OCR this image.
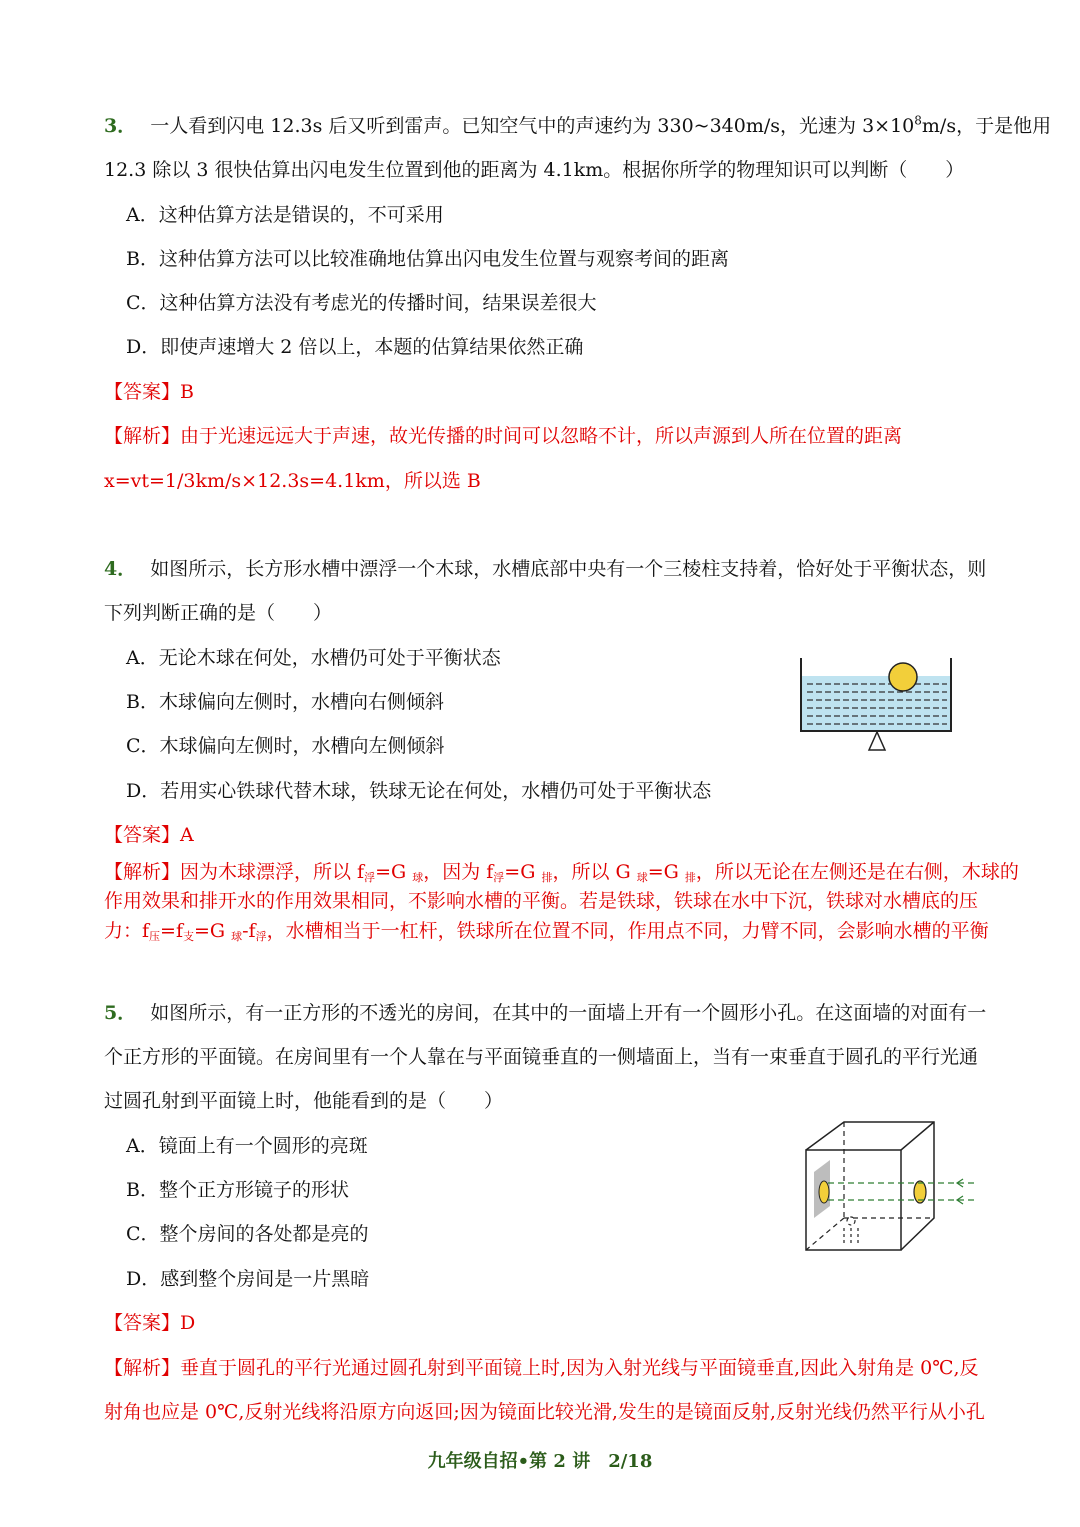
3． 一人看到闪电 12.3s 后又听到雷声。已知空气中的声速约为 330~340m/s，光速为 $3\times 10^8m/s$，于是他用
12.3 除以 3 很快估算出闪电发生位置到他的距离为 4.1km。根据你所学的物理知识可以判断（　　）
A．这种估算方法是错误的，不可采用
B．这种估算方法可以比较准确地估算出闪电发生位置与观察考间的距离
C．这种估算方法没有考虑光的传播时间，结果误差很大
D．即使声速增大 2 倍以上，本题的估算结果依然正确
【答案】B
【解析】由于光速远远大于声速，故光传播的时间可以忽略不计，所以声源到人所在位置的距离
x=vt=1/3km/s×12.3s=4.1km，所以选 B
4． 如图所示，长方形水槽中漂浮一个木球，水槽底部中央有一个三棱柱支持着，恰好处于平衡状态，则
下列判断正确的是（　　）
A．无论木球在何处，水槽仍可处于平衡状态
B．木球偏向左侧时，水槽向右侧倾斜
C．木球偏向左侧时，水槽向左侧倾斜
D．若用实心铁球代替木球，铁球无论在何处，水槽仍可处于平衡状态
【答案】A
【解析】因为木球漂浮，所以 $f_浮=G$ $_球$，因为 $f_浮=G$ $_排$，所以 G $_球$=G $_排$，所以无论在左侧还是在右侧，木球的
作用效果和排开水的作用效果相同，不影响水槽的平衡。若是铁球，铁球在水中下沉，铁球对水槽底的压
力：$f_压=f_支=G$ $_球-f_浮$，水槽相当于一杠杆，铁球所在位置不同，作用点不同，力臂不同，会影响水槽的平衡
5． 如图所示，有一正方形的不透光的房间，在其中的一面墙上开有一个圆形小孔。在这面墙的对面有一
个正方形的平面镜。在房间里有一个人靠在与平面镜垂直的一侧墙面上，当有一束垂直于圆孔的平行光通
过圆孔射到平面镜上时，他能看到的是（　　）
A．镜面上有一个圆形的亮斑
B．整个正方形镜子的形状
C．整个房间的各处都是亮的
D．感到整个房间是一片黑暗
【答案】D
【解析】垂直于圆孔的平行光通过圆孔射到平面镜上时,因为入射光线与平面镜垂直,因此入射角是 0℃,反
射角也应是 0℃,反射光线将沿原方向返回;因为镜面比较光滑,发生的是镜面反射,反射光线仍然平行从小孔
九年级自招•第 2 讲　2/18
